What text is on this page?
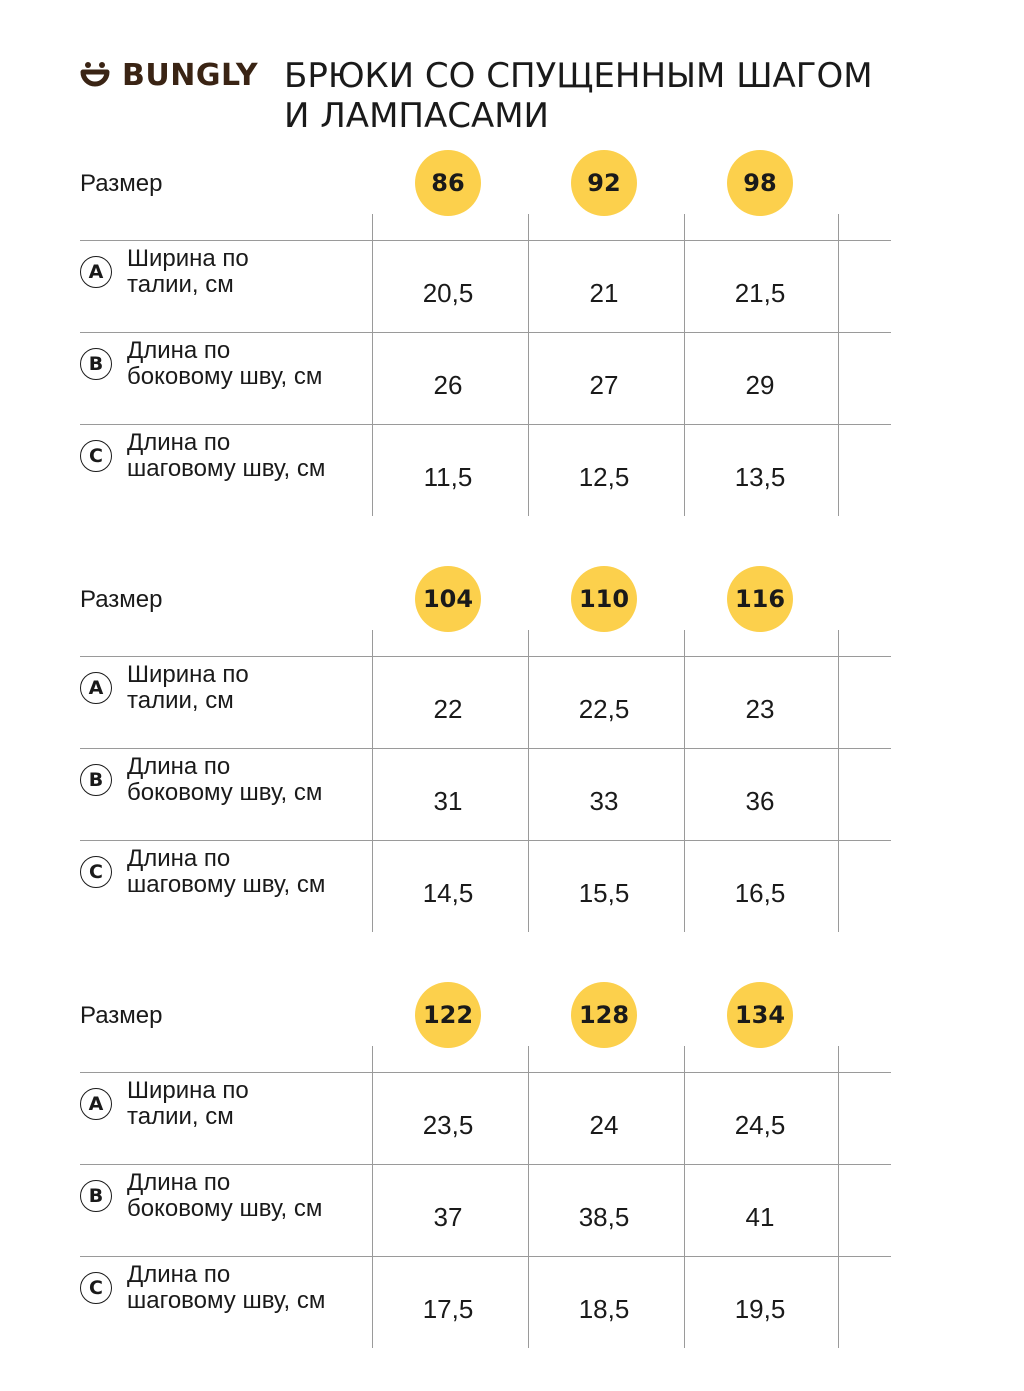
BUNGLY БРЮКИ СО СПУЩЕННЫМ ШАГОМ
И ЛАМПАСАМИ
Размер	86	92	98
A Ширина по
талии, см	20,5	21	21,5
B Длина по
боковому шву, см	26	27	29
C	Длина по
шаговому шву, см	11,5	12,5	13,5
Размер	104	110	116
A Ширина по
талии, см	22	22,5	23
B Длина по
боковому шву, см	31	33	36
C	Длина по
шаговому шву, см	14,5	15,5	16,5
Размер	122	128	134
A Ширина по
талии, см	23,5	24	24,5
B Длина по
боковому шву, см	37	38,5	41
C	Длина по
шаговому шву, см	17,5	18,5	19,5
